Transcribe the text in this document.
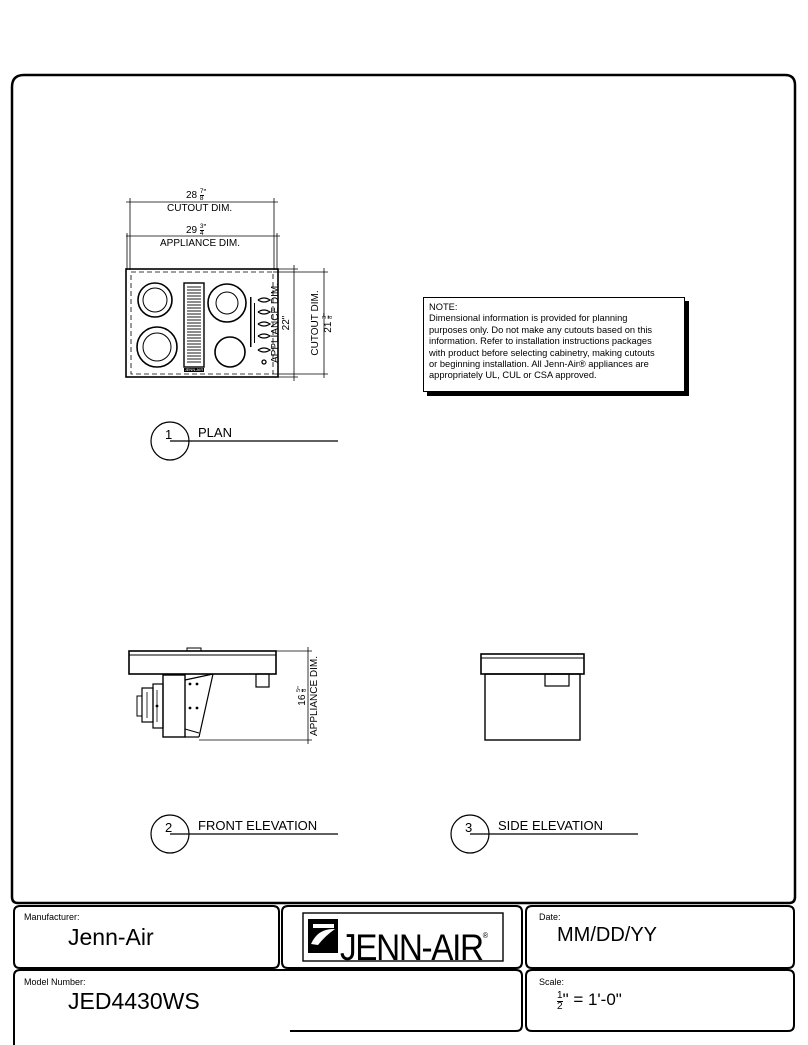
$28 \frac{7}{8} ^"$
CUTOUT DIM.
$29 \frac{3}{4} ^"$
APPLIANCE DIM.
APPLIANCE DIM. 22" CUTOUT DIM. 21
3 8
"
JENN-AIR
1 PLAN
2 FRONT ELEVATION	3 SIDE ELEVATION
16
5 8
" APPLIANCE DIM.
NOTE:
Dimensional information is provided for planning
purposes only. Do not make any cutouts based on this
information. Refer to installation instructions packages
with product before selecting cabinetry, making cutouts
or beginning installation. All Jenn-Air® appliances are
appropriately UL, CUL or CSA approved.
Manufacturer:
Jenn-Air	JENN-AIR®
Date:
MM/DD/YY
Model Number:
JED4430WS
Scale:
$\frac{1}{2}$ " = 1'-0"
